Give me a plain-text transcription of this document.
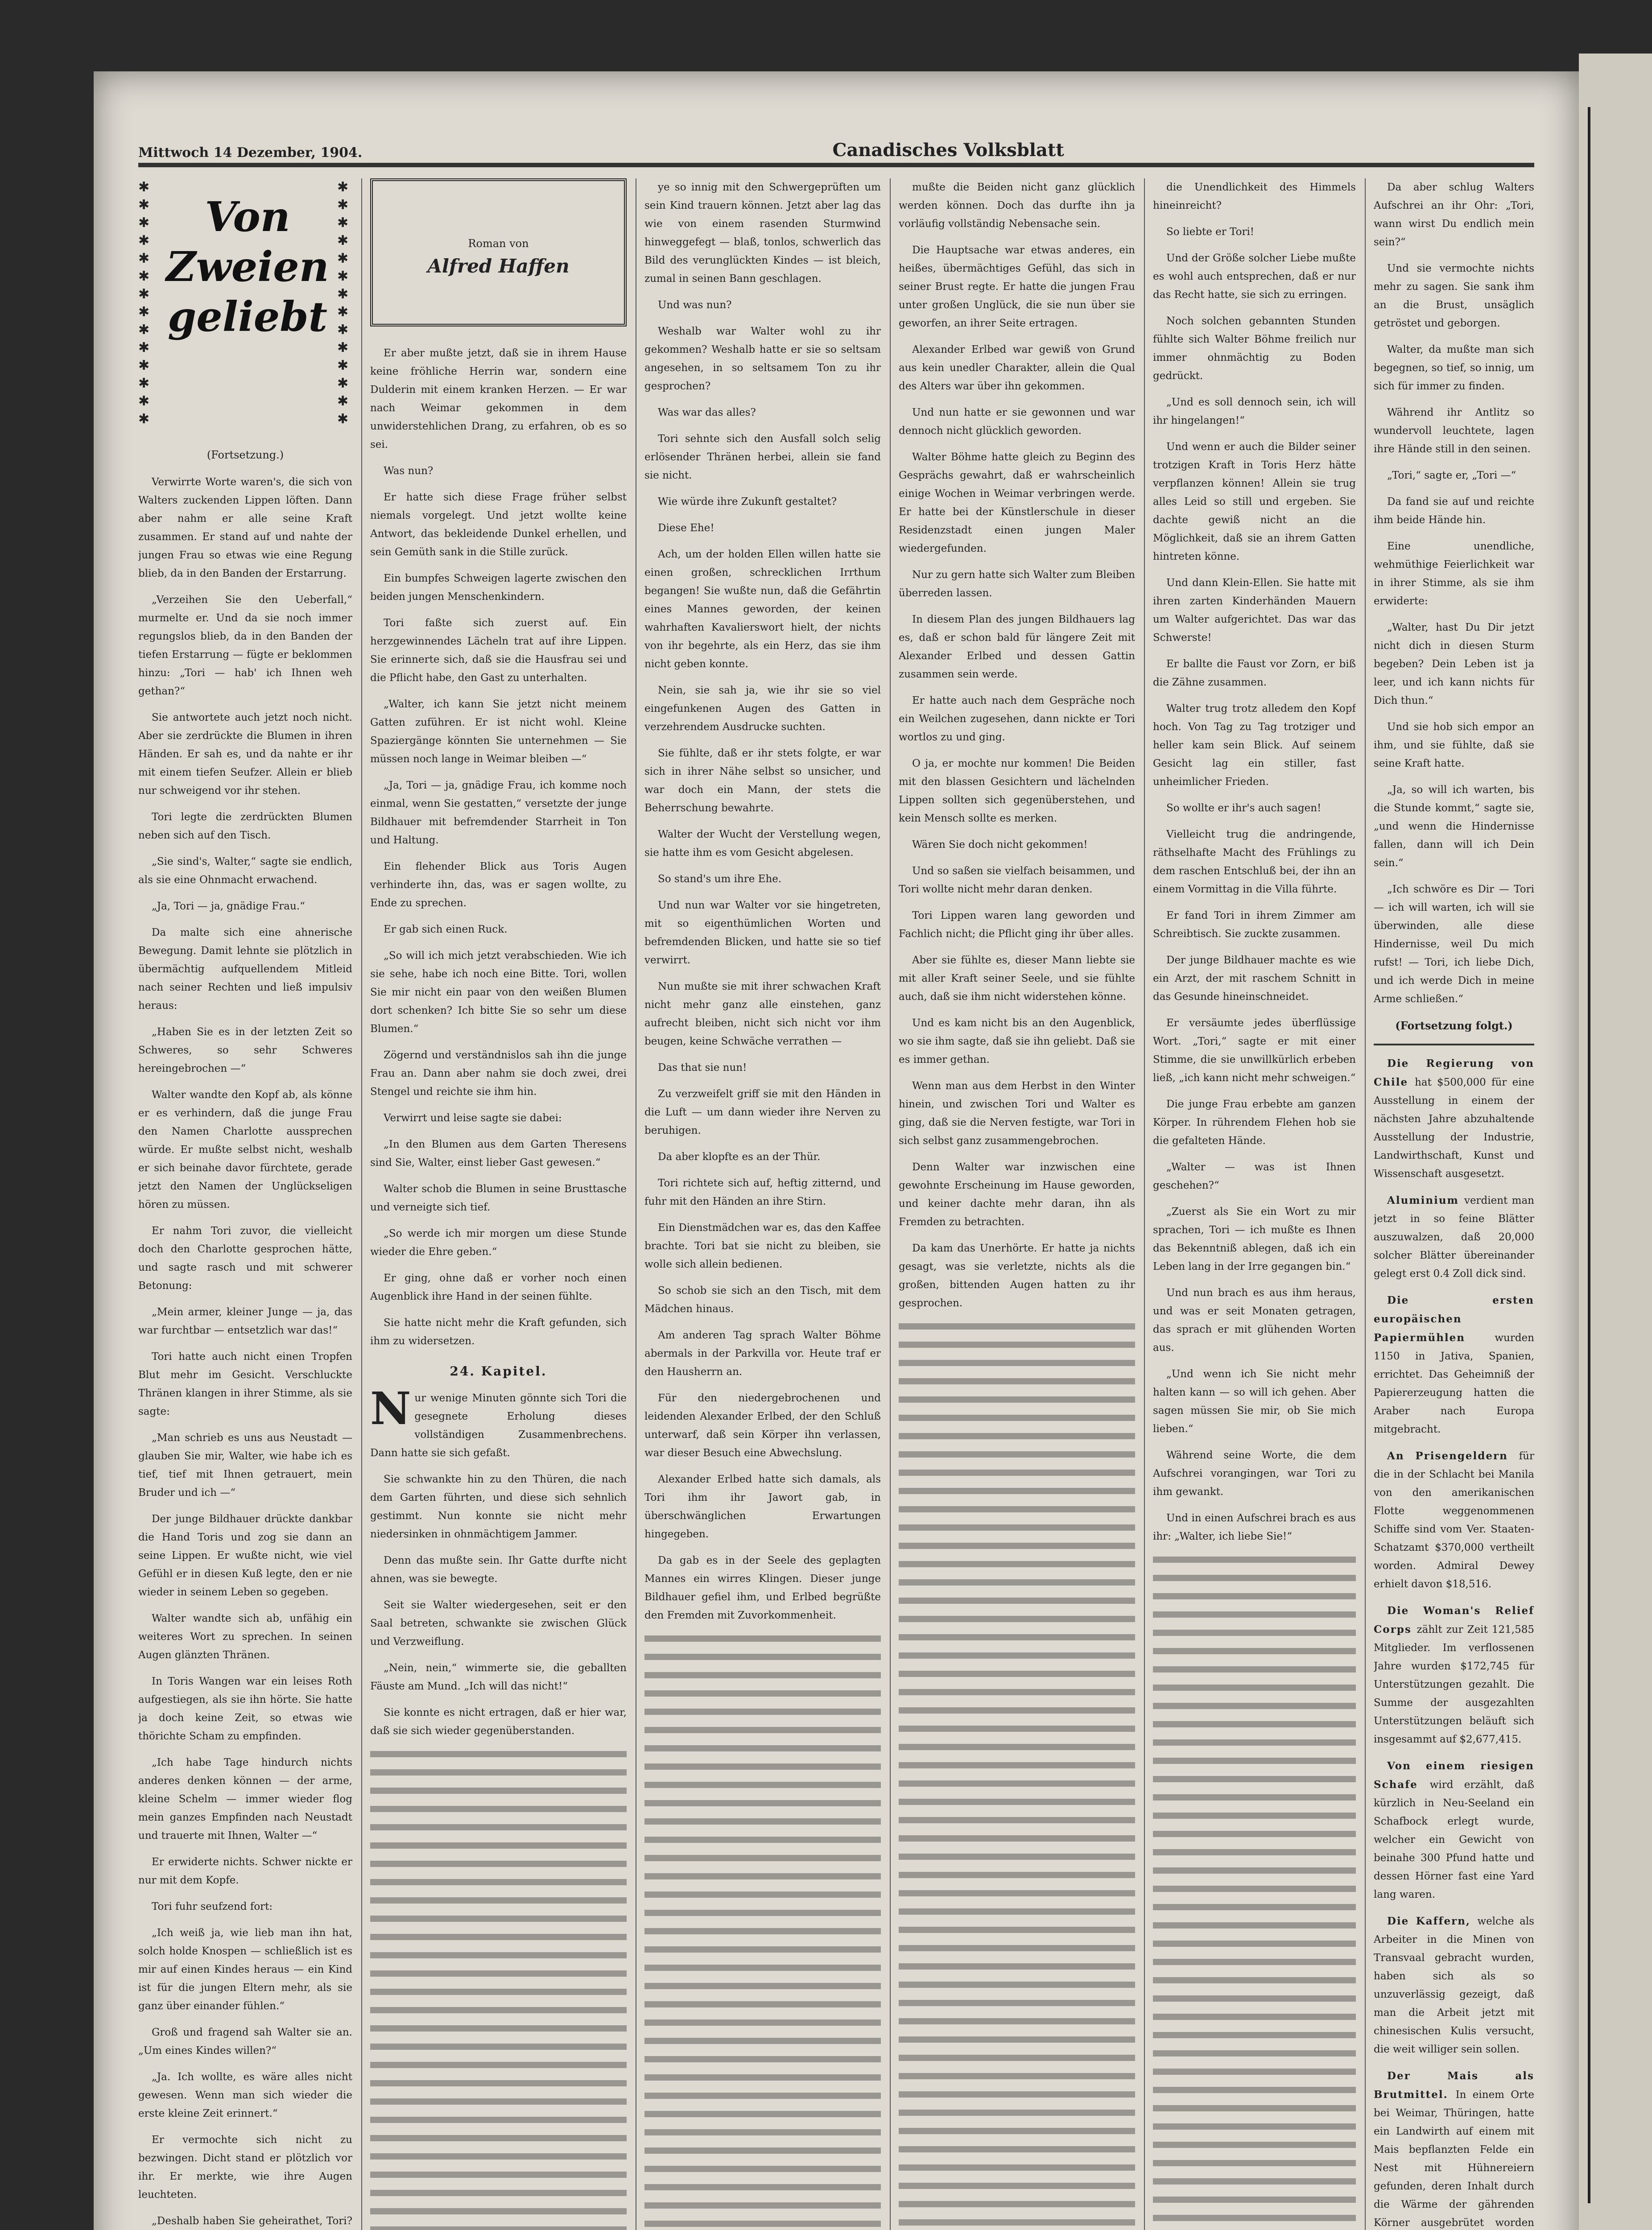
Mittwoch 14 Dezember, 1904.	Canadisches Volksblatt
✱
✱
✱
✱
✱
✱
✱
✱
✱
✱
✱
✱
✱
✱
Von
Zweien
geliebt
✱
✱
✱
✱
✱
✱
✱
✱
✱
✱
✱
✱
✱
✱
(Fortsetzung.)

Verwirrte Worte waren's, die sich von Walters zuckenden Lippen löften. Dann aber nahm er alle seine Kraft zusammen. Er stand auf und nahte der jungen Frau so etwas wie eine Regung blieb, da in den Banden der Erstarrung.

„Verzeihen Sie den Ueberfall,“ murmelte er. Und da sie noch immer regungslos blieb, da in den Banden der tiefen Erstarrung — fügte er beklommen hinzu: „Tori — hab' ich Ihnen weh gethan?“

Sie antwortete auch jetzt noch nicht. Aber sie zerdrückte die Blumen in ihren Händen. Er sah es, und da nahte er ihr mit einem tiefen Seufzer. Allein er blieb nur schweigend vor ihr stehen.

Tori legte die zerdrückten Blumen neben sich auf den Tisch.

„Sie sind's, Walter,“ sagte sie endlich, als sie eine Ohnmacht erwachend.

„Ja, Tori — ja, gnädige Frau.“

Da malte sich eine ahnerische Bewegung. Damit lehnte sie plötzlich in übermächtig aufquellendem Mitleid nach seiner Rechten und ließ impulsiv heraus:

„Haben Sie es in der letzten Zeit so Schweres, so sehr Schweres hereingebrochen —“

Walter wandte den Kopf ab, als könne er es verhindern, daß die junge Frau den Namen Charlotte aussprechen würde. Er mußte selbst nicht, weshalb er sich beinahe davor fürchtete, gerade jetzt den Namen der Unglückseligen hören zu müssen.

Er nahm Tori zuvor, die vielleicht doch den Charlotte gesprochen hätte, und sagte rasch und mit schwerer Betonung:

„Mein armer, kleiner Junge — ja, das war furchtbar — entsetzlich war das!“

Tori hatte auch nicht einen Tropfen Blut mehr im Gesicht. Verschluckte Thränen klangen in ihrer Stimme, als sie sagte:

„Man schrieb es uns aus Neustadt — glauben Sie mir, Walter, wie habe ich es tief, tief mit Ihnen getrauert, mein Bruder und ich —“

Der junge Bildhauer drückte dankbar die Hand Toris und zog sie dann an seine Lippen. Er wußte nicht, wie viel Gefühl er in diesen Kuß legte, den er nie wieder in seinem Leben so gegeben.

Walter wandte sich ab, unfähig ein weiteres Wort zu sprechen. In seinen Augen glänzten Thränen.

In Toris Wangen war ein leises Roth aufgestiegen, als sie ihn hörte. Sie hatte ja doch keine Zeit, so etwas wie thörichte Scham zu empfinden.

„Ich habe Tage hindurch nichts anderes denken können — der arme, kleine Schelm — immer wieder flog mein ganzes Empfinden nach Neustadt und trauerte mit Ihnen, Walter —“

Er erwiderte nichts. Schwer nickte er nur mit dem Kopfe.

Tori fuhr seufzend fort:

„Ich weiß ja, wie lieb man ihn hat, solch holde Knospen — schließlich ist es mir auf einen Kindes heraus — ein Kind ist für die jungen Eltern mehr, als sie ganz über einander fühlen.“

Groß und fragend sah Walter sie an. „Um eines Kindes willen?“

„Ja. Ich wollte, es wäre alles nicht gewesen. Wenn man sich wieder die erste kleine Zeit erinnert.“

Er vermochte sich nicht zu bezwingen. Dicht stand er plötzlich vor ihr. Er merkte, wie ihre Augen leuchteten.

„Deshalb haben Sie geheirathet, Tori?

Roman von
Alfred Haffen

Er aber mußte jetzt, daß sie in ihrem Hause keine fröhliche Herrin war, sondern eine Dulderin mit einem kranken Herzen. — Er war nach Weimar gekommen in dem unwiderstehlichen Drang, zu erfahren, ob es so sei.

Was nun?

Er hatte sich diese Frage früher selbst niemals vorgelegt. Und jetzt wollte keine Antwort, das bekleidende Dunkel erhellen, und sein Gemüth sank in die Stille zurück.

Ein bumpfes Schweigen lagerte zwischen den beiden jungen Menschenkindern.

Tori faßte sich zuerst auf. Ein herzgewinnendes Lächeln trat auf ihre Lippen. Sie erinnerte sich, daß sie die Hausfrau sei und die Pflicht habe, den Gast zu unterhalten.

„Walter, ich kann Sie jetzt nicht meinem Gatten zuführen. Er ist nicht wohl. Kleine Spaziergänge könnten Sie unternehmen — Sie müssen noch lange in Weimar bleiben —“

„Ja, Tori — ja, gnädige Frau, ich komme noch einmal, wenn Sie gestatten,“ versetzte der junge Bildhauer mit befremdender Starrheit in Ton und Haltung.

Ein flehender Blick aus Toris Augen verhinderte ihn, das, was er sagen wollte, zu Ende zu sprechen.

Er gab sich einen Ruck.

„So will ich mich jetzt verabschieden. Wie ich sie sehe, habe ich noch eine Bitte. Tori, wollen Sie mir nicht ein paar von den weißen Blumen dort schenken? Ich bitte Sie so sehr um diese Blumen.“

Zögernd und verständnislos sah ihn die junge Frau an. Dann aber nahm sie doch zwei, drei Stengel und reichte sie ihm hin.

Verwirrt und leise sagte sie dabei:

„In den Blumen aus dem Garten Theresens sind Sie, Walter, einst lieber Gast gewesen.“

Walter schob die Blumen in seine Brusttasche und verneigte sich tief.

„So werde ich mir morgen um diese Stunde wieder die Ehre geben.“

Er ging, ohne daß er vorher noch einen Augenblick ihre Hand in der seinen fühlte.

Sie hatte nicht mehr die Kraft gefunden, sich ihm zu widersetzen.

24. Kapitel.
N ur wenige Minuten gönnte sich Tori die gesegnete Erholung dieses vollständigen Zusammenbrechens. Dann hatte sie sich gefaßt.

Sie schwankte hin zu den Thüren, die nach dem Garten führten, und diese sich sehnlich gestimmt. Nun konnte sie nicht mehr niedersinken in ohnmächtigem Jammer.

Denn das mußte sein. Ihr Gatte durfte nicht ahnen, was sie bewegte.

Seit sie Walter wiedergesehen, seit er den Saal betreten, schwankte sie zwischen Glück und Verzweiflung.

„Nein, nein,“ wimmerte sie, die geballten Fäuste am Mund. „Ich will das nicht!“

Sie konnte es nicht ertragen, daß er hier war, daß sie sich wieder gegenüberstanden.

ye so innig mit den Schwergeprüften um sein Kind trauern können. Jetzt aber lag das wie von einem rasenden Sturmwind hinweggefegt — blaß, tonlos, schwerlich das Bild des verunglückten Kindes — ist bleich, zumal in seinen Bann geschlagen.

Und was nun?

Weshalb war Walter wohl zu ihr gekommen? Weshalb hatte er sie so seltsam angesehen, in so seltsamem Ton zu ihr gesprochen?

Was war das alles?

Tori sehnte sich den Ausfall solch selig erlösender Thränen herbei, allein sie fand sie nicht.

Wie würde ihre Zukunft gestaltet?

Diese Ehe!

Ach, um der holden Ellen willen hatte sie einen großen, schrecklichen Irrthum begangen! Sie wußte nun, daß die Gefährtin eines Mannes geworden, der keinen wahrhaften Kavalierswort hielt, der nichts von ihr begehrte, als ein Herz, das sie ihm nicht geben konnte.

Nein, sie sah ja, wie ihr sie so viel eingefunkenen Augen des Gatten in verzehrendem Ausdrucke suchten.

Sie fühlte, daß er ihr stets folgte, er war sich in ihrer Nähe selbst so unsicher, und war doch ein Mann, der stets die Beherrschung bewahrte.

Walter der Wucht der Verstellung wegen, sie hatte ihm es vom Gesicht abgelesen.

So stand's um ihre Ehe.

Und nun war Walter vor sie hingetreten, mit so eigenthümlichen Worten und befremdenden Blicken, und hatte sie so tief verwirrt.

Nun mußte sie mit ihrer schwachen Kraft nicht mehr ganz alle einstehen, ganz aufrecht bleiben, nicht sich nicht vor ihm beugen, keine Schwäche verrathen —

Das that sie nun!

Zu verzweifelt griff sie mit den Händen in die Luft — um dann wieder ihre Nerven zu beruhigen.

Da aber klopfte es an der Thür.

Tori richtete sich auf, heftig zitternd, und fuhr mit den Händen an ihre Stirn.

Ein Dienstmädchen war es, das den Kaffee brachte. Tori bat sie nicht zu bleiben, sie wolle sich allein bedienen.

So schob sie sich an den Tisch, mit dem Mädchen hinaus.

Am anderen Tag sprach Walter Böhme abermals in der Parkvilla vor. Heute traf er den Hausherrn an.

Für den niedergebrochenen und leidenden Alexander Erlbed, der den Schluß unterwarf, daß sein Körper ihn verlassen, war dieser Besuch eine Abwechslung.

Alexander Erlbed hatte sich damals, als Tori ihm ihr Jawort gab, in überschwänglichen Erwartungen hingegeben.

Da gab es in der Seele des geplagten Mannes ein wirres Klingen. Dieser junge Bildhauer gefiel ihm, und Erlbed begrüßte den Fremden mit Zuvorkommenheit.

mußte die Beiden nicht ganz glücklich werden können. Doch das durfte ihn ja vorläufig vollständig Nebensache sein.

Die Hauptsache war etwas anderes, ein heißes, übermächtiges Gefühl, das sich in seiner Brust regte. Er hatte die jungen Frau unter großen Unglück, die sie nun über sie geworfen, an ihrer Seite ertragen.

Alexander Erlbed war gewiß von Grund aus kein unedler Charakter, allein die Qual des Alters war über ihn gekommen.

Und nun hatte er sie gewonnen und war dennoch nicht glücklich geworden.

Walter Böhme hatte gleich zu Beginn des Gesprächs gewahrt, daß er wahrscheinlich einige Wochen in Weimar verbringen werde. Er hatte bei der Künstlerschule in dieser Residenzstadt einen jungen Maler wiedergefunden.

Nur zu gern hatte sich Walter zum Bleiben überreden lassen.

In diesem Plan des jungen Bildhauers lag es, daß er schon bald für längere Zeit mit Alexander Erlbed und dessen Gattin zusammen sein werde.

Er hatte auch nach dem Gespräche noch ein Weilchen zugesehen, dann nickte er Tori wortlos zu und ging.

O ja, er mochte nur kommen! Die Beiden mit den blassen Gesichtern und lächelnden Lippen sollten sich gegenüberstehen, und kein Mensch sollte es merken.

Wären Sie doch nicht gekommen!

Und so saßen sie vielfach beisammen, und Tori wollte nicht mehr daran denken.

Tori Lippen waren lang geworden und Fachlich nicht; die Pflicht ging ihr über alles.

Aber sie fühlte es, dieser Mann liebte sie mit aller Kraft seiner Seele, und sie fühlte auch, daß sie ihm nicht widerstehen könne.

Und es kam nicht bis an den Augenblick, wo sie ihm sagte, daß sie ihn geliebt. Daß sie es immer gethan.

Wenn man aus dem Herbst in den Winter hinein, und zwischen Tori und Walter es ging, daß sie die Nerven festigte, war Tori in sich selbst ganz zusammengebrochen.

Denn Walter war inzwischen eine gewohnte Erscheinung im Hause geworden, und keiner dachte mehr daran, ihn als Fremden zu betrachten.

Da kam das Unerhörte. Er hatte ja nichts gesagt, was sie verletzte, nichts als die großen, bittenden Augen hatten zu ihr gesprochen.

die Unendlichkeit des Himmels hineinreicht?

So liebte er Tori!

Und der Größe solcher Liebe mußte es wohl auch entsprechen, daß er nur das Recht hatte, sie sich zu erringen.

Noch solchen gebannten Stunden fühlte sich Walter Böhme freilich nur immer ohnmächtig zu Boden gedrückt.

„Und es soll dennoch sein, ich will ihr hingelangen!“

Und wenn er auch die Bilder seiner trotzigen Kraft in Toris Herz hätte verpflanzen können! Allein sie trug alles Leid so still und ergeben. Sie dachte gewiß nicht an die Möglichkeit, daß sie an ihrem Gatten hintreten könne.

Und dann Klein-Ellen. Sie hatte mit ihren zarten Kinderhänden Mauern um Walter aufgerichtet. Das war das Schwerste!

Er ballte die Faust vor Zorn, er biß die Zähne zusammen.

Walter trug trotz alledem den Kopf hoch. Von Tag zu Tag trotziger und heller kam sein Blick. Auf seinem Gesicht lag ein stiller, fast unheimlicher Frieden.

So wollte er ihr's auch sagen!

Vielleicht trug die andringende, räthselhafte Macht des Frühlings zu dem raschen Entschluß bei, der ihn an einem Vormittag in die Villa führte.

Er fand Tori in ihrem Zimmer am Schreibtisch. Sie zuckte zusammen.

Der junge Bildhauer machte es wie ein Arzt, der mit raschem Schnitt in das Gesunde hineinschneidet.

Er versäumte jedes überflüssige Wort. „Tori,“ sagte er mit einer Stimme, die sie unwillkürlich erbeben ließ, „ich kann nicht mehr schweigen.“

Die junge Frau erbebte am ganzen Körper. In rührendem Flehen hob sie die gefalteten Hände.

„Walter — was ist Ihnen geschehen?“

„Zuerst als Sie ein Wort zu mir sprachen, Tori — ich mußte es Ihnen das Bekenntniß ablegen, daß ich ein Leben lang in der Irre gegangen bin.“

Und nun brach es aus ihm heraus, und was er seit Monaten getragen, das sprach er mit glühenden Worten aus.

„Und wenn ich Sie nicht mehr halten kann — so will ich gehen. Aber sagen müssen Sie mir, ob Sie mich lieben.“

Während seine Worte, die dem Aufschrei vorangingen, war Tori zu ihm gewankt.

Und in einen Aufschrei brach es aus ihr: „Walter, ich liebe Sie!“

Da aber schlug Walters Aufschrei an ihr Ohr: „Tori, wann wirst Du endlich mein sein?“

Und sie vermochte nichts mehr zu sagen. Sie sank ihm an die Brust, unsäglich getröstet und geborgen.

Walter, da mußte man sich begegnen, so tief, so innig, um sich für immer zu finden.

Während ihr Antlitz so wundervoll leuchtete, lagen ihre Hände still in den seinen.

„Tori,“ sagte er, „Tori —“

Da fand sie auf und reichte ihm beide Hände hin.

Eine unendliche, wehmüthige Feierlichkeit war in ihrer Stimme, als sie ihm erwiderte:

„Walter, hast Du Dir jetzt nicht dich in diesen Sturm begeben? Dein Leben ist ja leer, und ich kann nichts für Dich thun.“

Und sie hob sich empor an ihm, und sie fühlte, daß sie seine Kraft hatte.

„Ja, so will ich warten, bis die Stunde kommt,“ sagte sie, „und wenn die Hindernisse fallen, dann will ich Dein sein.“

„Ich schwöre es Dir — Tori — ich will warten, ich will sie überwinden, alle diese Hindernisse, weil Du mich rufst! — Tori, ich liebe Dich, und ich werde Dich in meine Arme schließen.“

(Fortsetzung folgt.)

Die Regierung von Chile hat $500,000 für eine Ausstellung in einem der nächsten Jahre abzuhaltende Ausstellung der Industrie, Landwirthschaft, Kunst und Wissenschaft ausgesetzt.

Aluminium verdient man jetzt in so feine Blätter auszuwalzen, daß 20,000 solcher Blätter übereinander gelegt erst 0.4 Zoll dick sind.

Die ersten europäischen Papiermühlen wurden 1150 in Jativa, Spanien, errichtet. Das Geheimniß der Papiererzeugung hatten die Araber nach Europa mitgebracht.

An Prisengeldern für die in der Schlacht bei Manila von den amerikanischen Flotte weggenommenen Schiffe sind vom Ver. Staaten-Schatzamt $370,000 vertheilt worden. Admiral Dewey erhielt davon $18,516.

Die Woman's Relief Corps zählt zur Zeit 121,585 Mitglieder. Im verflossenen Jahre wurden $172,745 für Unterstützungen gezahlt. Die Summe der ausgezahlten Unterstützungen beläuft sich insgesammt auf $2,677,415.

Von einem riesigen Schafe wird erzählt, daß kürzlich in Neu-Seeland ein Schafbock erlegt wurde, welcher ein Gewicht von beinahe 300 Pfund hatte und dessen Hörner fast eine Yard lang waren.

Die Kaffern, welche als Arbeiter in die Minen von Transvaal gebracht wurden, haben sich als so unzuverlässig gezeigt, daß man die Arbeit jetzt mit chinesischen Kulis versucht, die weit williger sein sollen.

Der Mais als Brutmittel. In einem Orte bei Weimar, Thüringen, hatte ein Landwirth auf einem mit Mais bepflanzten Felde ein Nest mit Hühnereiern gefunden, deren Inhalt durch die Wärme der gährenden Körner ausgebrütet worden
